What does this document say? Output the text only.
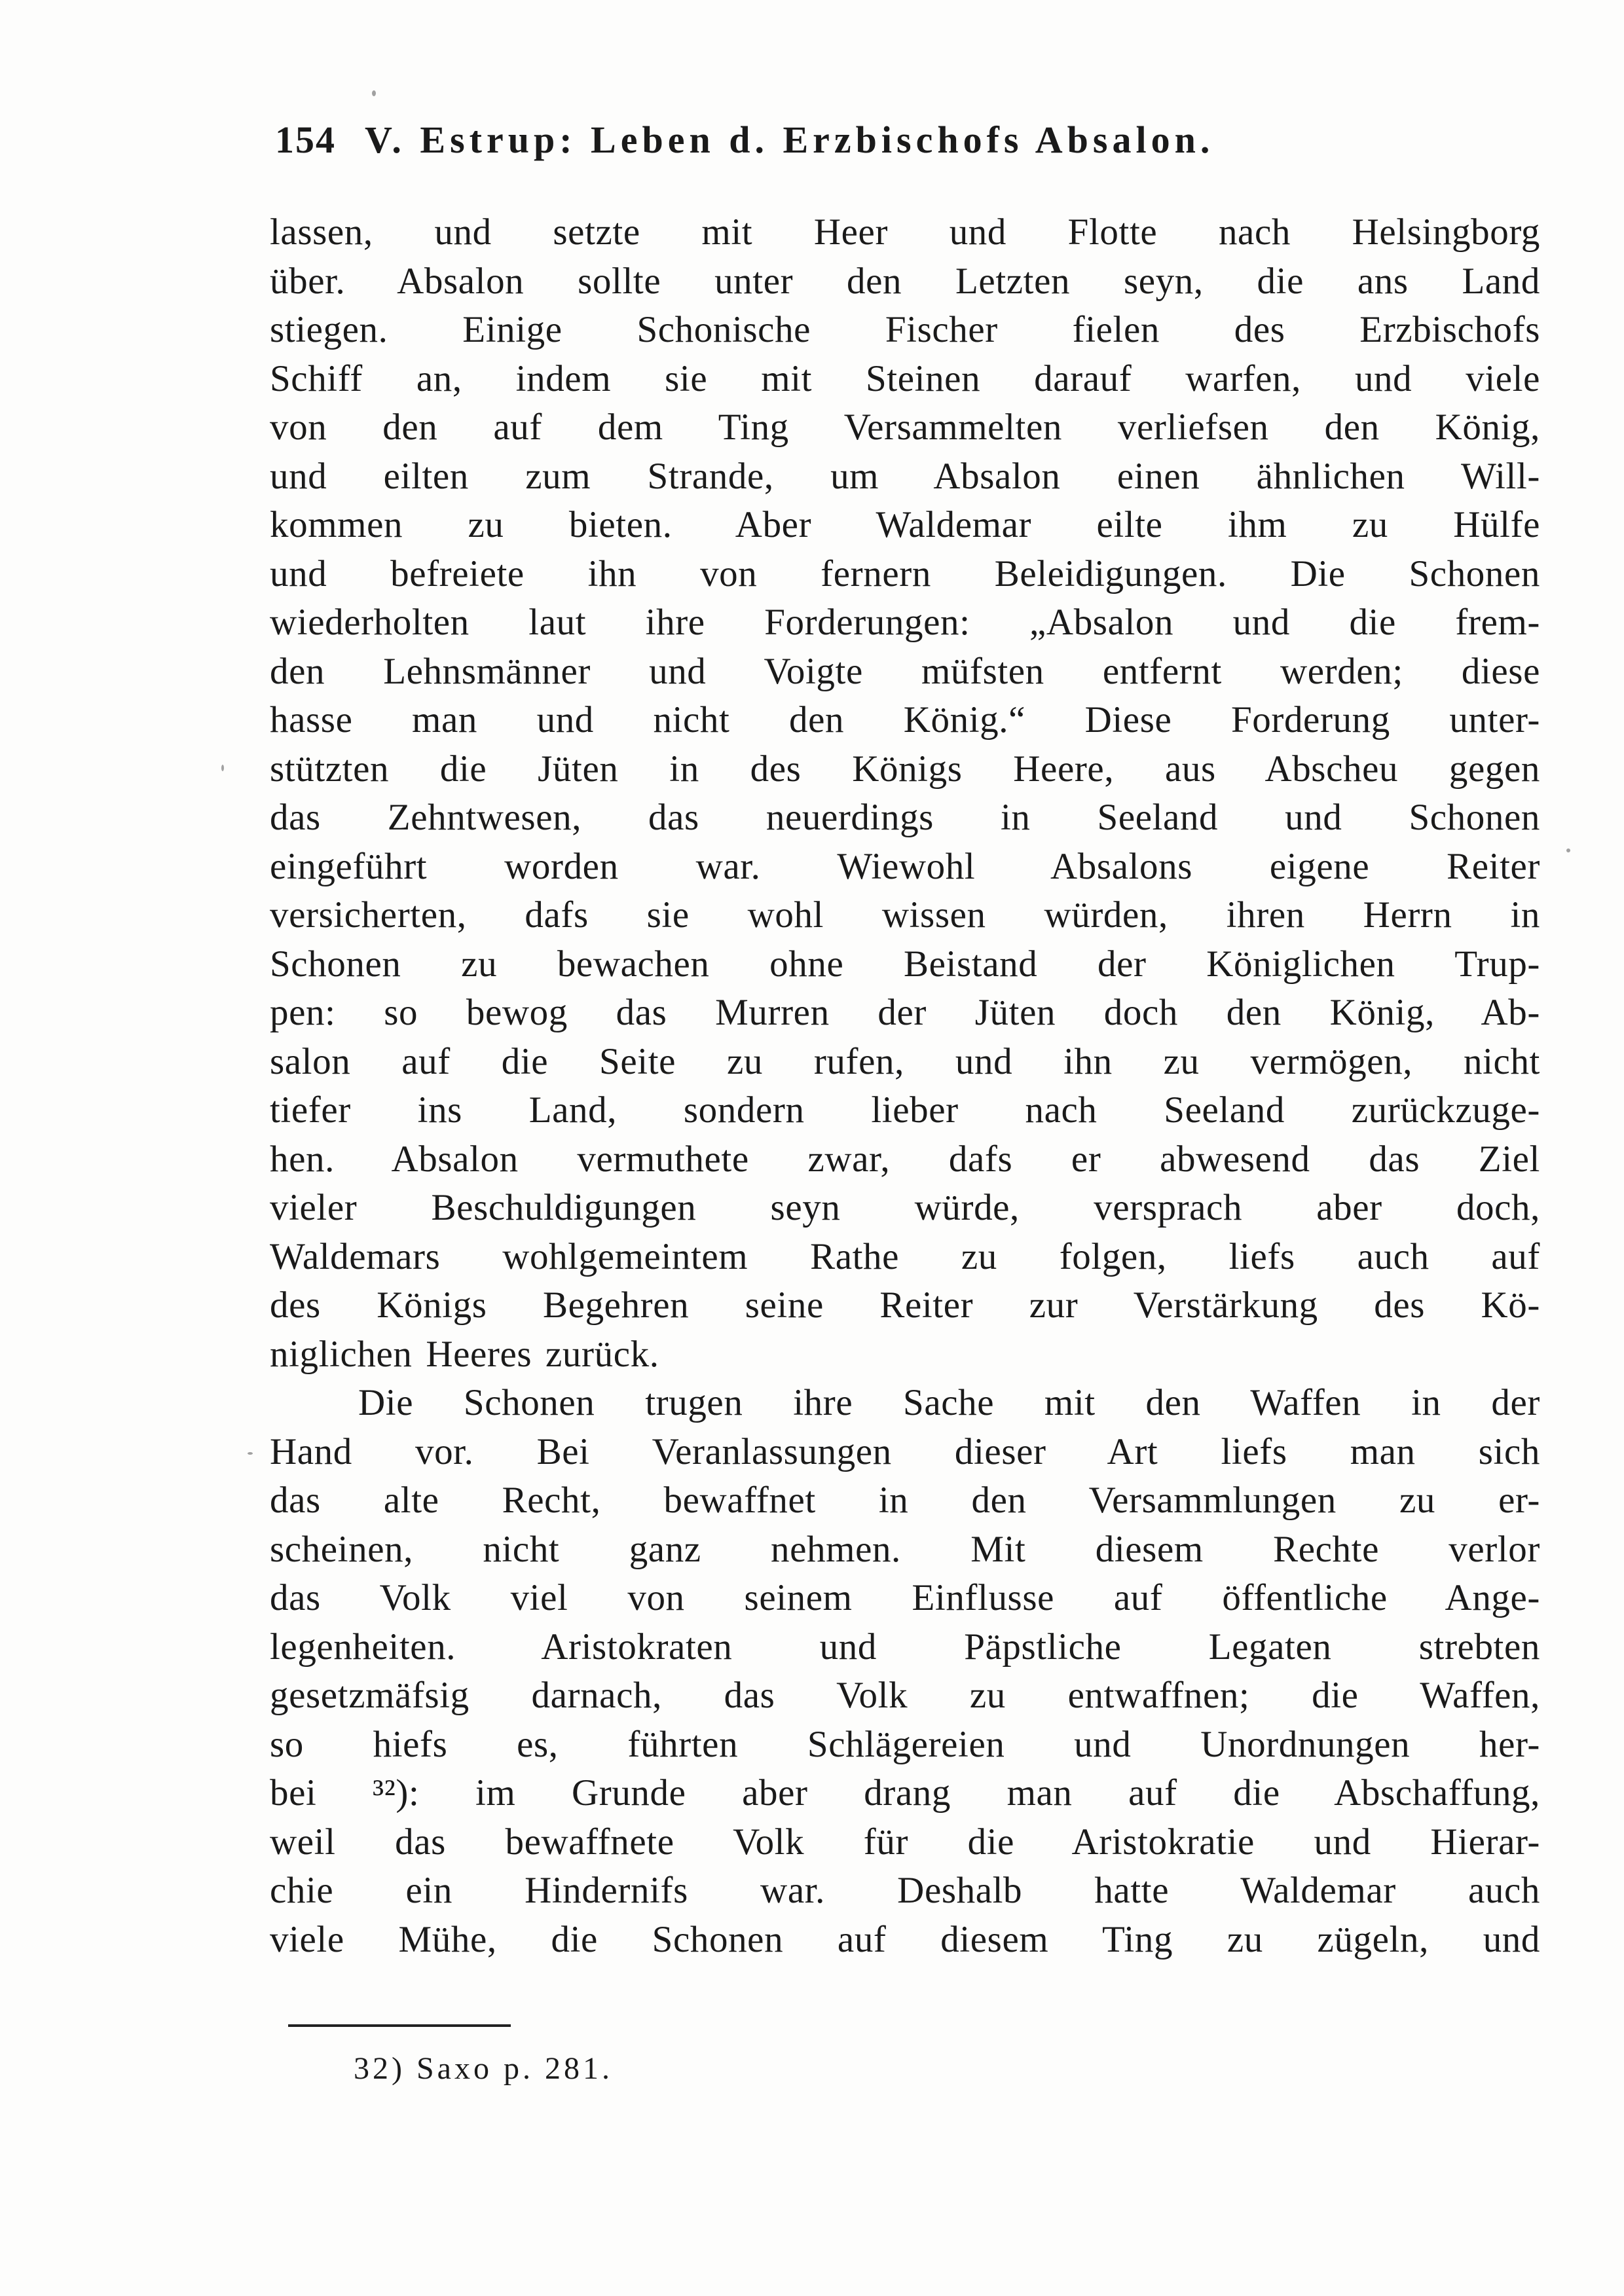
154 V. Estrup: Leben d. Erzbischofs Absalon.
lassen, und setzte mit Heer und Flotte nach Helsingborg
über. Absalon sollte unter den Letzten seyn, die ans Land
stiegen. Einige Schonische Fischer fielen des Erzbischofs
Schiff an, indem sie mit Steinen darauf warfen, und viele
von den auf dem Ting Versammelten verliefsen den König,
und eilten zum Strande, um Absalon einen ähnlichen Will-
kommen zu bieten. Aber Waldemar eilte ihm zu Hülfe
und befreiete ihn von fernern Beleidigungen. Die Schonen
wiederholten laut ihre Forderungen: „Absalon und die frem-
den Lehnsmänner und Voigte müfsten entfernt werden; diese
hasse man und nicht den König.“ Diese Forderung unter-
stützten die Jüten in des Königs Heere, aus Abscheu gegen
das Zehntwesen, das neuerdings in Seeland und Schonen
eingeführt worden war. Wiewohl Absalons eigene Reiter
versicherten, dafs sie wohl wissen würden, ihren Herrn in
Schonen zu bewachen ohne Beistand der Königlichen Trup-
pen: so bewog das Murren der Jüten doch den König, Ab-
salon auf die Seite zu rufen, und ihn zu vermögen, nicht
tiefer ins Land, sondern lieber nach Seeland zurückzuge-
hen. Absalon vermuthete zwar, dafs er abwesend das Ziel
vieler Beschuldigungen seyn würde, versprach aber doch,
Waldemars wohlgemeintem Rathe zu folgen, liefs auch auf
des Königs Begehren seine Reiter zur Verstärkung des Kö-
niglichen Heeres zurück.
Die Schonen trugen ihre Sache mit den Waffen in der
Hand vor. Bei Veranlassungen dieser Art liefs man sich
das alte Recht, bewaffnet in den Versammlungen zu er-
scheinen, nicht ganz nehmen. Mit diesem Rechte verlor
das Volk viel von seinem Einflusse auf öffentliche Ange-
legenheiten. Aristokraten und Päpstliche Legaten strebten
gesetzmäfsig darnach, das Volk zu entwaffnen; die Waffen,
so hiefs es, führten Schlägereien und Unordnungen her-
bei ³²): im Grunde aber drang man auf die Abschaffung,
weil das bewaffnete Volk für die Aristokratie und Hierar-
chie ein Hindernifs war. Deshalb hatte Waldemar auch
viele Mühe, die Schonen auf diesem Ting zu zügeln, und
32) Saxo p. 281.
